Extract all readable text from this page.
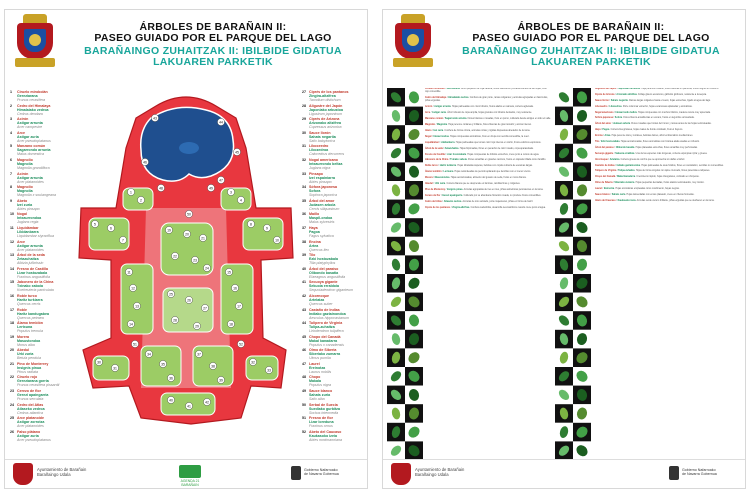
ÁRBOLES DE BARAÑAIN II:
PASEO GUIADO POR EL PARQUE DEL LAGO
BARAÑAINGO ZUHAITZAK II: IBILBIDE GIDATUA
LAKUAREN PARKETIK
1	Ciruelo mirobolán
Gereziarana
Prunus cerasifera
2	Cedro del Himalaya
Himalaiako zedroa
Cedrus deodara
3	Acirón
Astigar arrunta
Acer campestre
4	Arce
Astigar zuria
Acer pseudoplatanus
5	Manzano común
Sagarrondo arrunta
Malus domestica
6	Magnolio
Magnolia
Magnolia grandiflora
7	Acirón
Astigar arrunta
Acer platanoides
8	Magnolio
Magnolia
Magnolia x soulangeana
9	Abeto
Izei zuria
Abies pinsapo
10 Nogal
Intxaurrondoa
Juglans regia
11 Liquidámbar
Likidanbarra
Liquidambar styraciflua
12 Arce
Astigar arrunta
Acer platanoides
13 Árbol de la seda
Zetazuhaitza
Albizia julibrissin
14 Fresno de Castilla
Lizar hostozabala
Fraxinus angustifolia
15 Jabonero de la China
Txinako xaboia
Koelreuteria paniculata
16 Roble turco
Haritz turkiarra
Quercus cerris
17 Roble
Haritz kandugabea
Quercus petraea
18 Álamo temblón
Lertxuna
Populus tremula
19 Morera
Masustondoa
Morus alba
20 Abedul
Urki zuria
Betula pendula
21 Pino de Monterrey
Insignis pinua
Pinus radiata
22 Ciruelo rojo
Gereziarana gorria
Prunus cerasifera pissardii
23 Cerezo de flor
Gerezi apaingarria
Prunus serrulata
24 Cedro del Atlas
Atlaseko zedroa
Cedrus atlantica
25 Arce platanoide
Astigar zorrotza
Acer platanoides
26 Falso plátano
Astigar zuria
Acer pseudoplatanus
27 Ciprés de los pantanos
Zingira-altzifrea
Taxodium distichum
28 Aligustre del Japón
Japoniako arbustoa
Ligustrum japonicum
29 Ciprés de Arizona
Arizonako altzifrea
Cupressus arizonica
30 Sauce llorón
Sahats negartia
Salix babylonica
31 Liboceedro
Libozedroa
Calocedrus decurrens
32 Nogal americano
Intxaurrondo beltza
Juglans nigra
33 Pinsapo
Izei espainiarra
Abies pinsapo
34 Sófora japonesa
Sofora
Sophora japonica
35 Árbol del amor
Judasen arbola
Cercis siliquastrum
36 Maíllo
Maspil-ondoa
Malus sylvestris
37 Haya
Pagoa
Fagus sylvatica
38 Encina
Artea
Quercus ilex
39 Tilo
Ezki hostozabala
Tilia platyphyllos
40 Árbol del paraíso
Olibondo basatia
Elaeagnus angustifolia
41 Secuoya gigante
Sekuoia erraldoia
Sequoiadendron giganteum
42 Alcornoque
Artelatza
Quercus suber
43 Castaño de Indias
Indiako gaztainondoa
Aesculus hippocastanum
44 Tulipero de Virginia
Tulipa-zuhaitza
Liriodendron tulipifera
45 Chopo del Canadá
Makal kanadarra
Populus x canadensis
46 Olmo de Siberia
Siberiako zumarra
Ulmus pumila
47 Laurel
Ereinotza
Laurus nobilis
48 Chopo
Makala
Populus nigra
49 Sauce blanco
Sahats zuria
Salix alba
50 Serbal de Suecia
Suediako gurbitza
Sorbus intermedia
51 Fresno de flor
Lizar loreduna
Fraxinus ornus
52 Abeto del Caucaso
Kaukasoko izeia
Abies nordmanniana
1
2
3
4
5
6
7
8
9
10
11
12
13
14
15
16
17
18
19
20
21
22
23
24
25
26
27
28
29
30
31
32
33
34
35
36
37
38
39
40
41
42
43
44
45
46
47
48	49
50
51	52
Ayuntamiento de Barañain
Barañaingo Udala
AGENDA 21 BARAÑAIN
Gobierno Nafarroako
de Navarra Gobernua
ÁRBOLES DE BARAÑAIN II:
PASEO GUIADO POR EL PARQUE DEL LAGO
BARAÑAINGO ZUHAITZAK II: IBILBIDE GIDATUA
LAKUAREN PARKETIK
Ciruelo mirobolán / Gereziarana. Árbol pequeño de hoja caduca, flores blancas en primavera antes de las hojas, fruto rojo comestible.
Cedro del Himalaya / Himalaiako zedroa. Conífera de gran porte, ramas colgantes y acículas agrupadas en fascículos, piñas erguidas.
Acirón / Astigar arrunta. Hojas palmeadas con cinco lóbulos, frutos alados en sámara, corteza agrietada.
Arce / Astigar zuria. Árbol robusto de copa amplia, hojas grandes con lóbulos dentados, muy resistente.
Manzano común / Sagarrondo arrunta. Flores blancas o rosadas, fruto en pomo, cultivado desde antiguo en todo el valle.
Magnolio / Magnolia. Hoja perenne coriácea y brillante, flores blancas de gran tamaño y aroma intenso.
Abeto / Izei zuria. Conífera de forma cónica, acículas cortas y rígidas dispuestas alrededor de la rama.
Nogal / Intxaurrondoa. Hojas compuestas aromáticas, fruto en drupa con semilla comestible, la nuez.
Liquidámbar / Likidanbarra. Hojas palmeadas que toman color rojo intenso en otoño, frutos esféricos espinosos.
Árbol de la seda / Zetazuhaitza. Hojas bipinnadas, flores en penacho de color rosado, copa aparasolada.
Fresno de Castilla / Lizar hostozabala. Hojas compuestas de foliolos estrechos, crece junto a cursos de agua.
Jabonero de la China / Txinako xaboia. Flores amarillas en grandes racimos, frutos en cápsula inflada como farolillo.
Roble turco / Haritz turkiarra. Hojas lobuladas ásperas, bellotas con cúpula cubierta de escamas largas.
Álamo temblón / Lertxuna. Hojas redondeadas de pecíolo aplanado que tiemblan con el menor viento.
Morera / Masustondoa. Hojas acorazonadas, alimento del gusano de seda, frutos en mora blanca.
Abedul / Urki zuria. Corteza blanca que se desprende en láminas, ramillas finas y colgantes.
Pino de Monterrey / Insignis pinua. Acículas agrupadas de tres en tres, piñas asimétricas persistentes en la rama.
Cerezo de flor / Gerezi apaingarria. Cultivado por su abundante floración rosada, no produce frutos comestibles.
Cedro del Atlas / Atlaseko zedroa. Acículas de tono azulado, porte majestuoso, piñas en forma de barril.
Ciprés de los pantanos / Zingira-altzifrea. Conífera caducifolia, desarrolla neumatóforos cuando crece junto al agua.
Aligustre del Japón / Japoniako arbustoa. Hoja perenne brillante, flores blancas en panícula, frutos negros en invierno.
Ciprés de Arizona / Arizonako altzifrea. Follaje glauco escamoso, gálbulos globosos, resistente a la sequía.
Sauce llorón / Sahats negartia. Ramas largas colgantes hasta el suelo, hojas estrechas, ligado al agua del lago.
Liboceedro / Libozedroa. Porte columnar estrecho, hojas escamosas aplanadas y aromáticas.
Nogal americano / Intxaurrondo beltza. Hojas compuestas con muchos foliolos, madera oscura muy apreciada.
Sófora japonesa / Sofora. Flores blanco-amarillentas en verano, frutos en legumbre arrosariada.
Árbol del amor / Judasen arbola. Flores rosadas que brotan del tronco y ramas antes de las hojas redondeadas.
Haya / Pagoa. Corteza lisa grisácea, hojas ovales de borde ondulado, fruto el hayuco.
Encina / Artea. Hoja perenne dura y coriácea, bellotas dulces, árbol emblemático mediterráneo.
Tilo / Ezki hostozabala. Hojas acorazonadas, flores aromáticas con bráctea alada usadas en infusión.
Árbol del paraíso / Olibondo basatia. Hojas plateadas estrechas, flores amarillas muy perfumadas.
Secuoya gigante / Sekuoia erraldoia. Una de las especies más longevas, corteza esponjosa rojiza y gruesa.
Alcornoque / Artelatza. Corteza gruesa de corcho que se aprovecha sin dañar el árbol.
Castaño de Indias / Indiako gaztainondoa. Hojas palmeadas de siete foliolos, flores en candelabro, semillas no comestibles.
Tulipero de Virginia / Tulipa-zuhaitza. Hojas de forma singular con ápice truncado, flores parecidas a tulipanes.
Chopo del Canadá / Makal kanadarra. Crecimiento rápido, hojas triangulares, cultivado en choperas.
Olmo de Siberia / Siberiako zumarra. Hojas pequeñas dentadas, frutos alados redondeados, muy rústico.
Laurel / Ereinotza. Hojas aromáticas empleadas como condimento, bayas negras.
Sauce blanco / Sahats zuria. Hojas lanceoladas con envés plateado, crece en riberas húmedas.
Abeto del Caucaso / Kaukasoko izeia. Acículas verde oscuro brillante, piñas erguidas que se deshacen en la rama.
Ayuntamiento de Barañain
Barañaingo Udala
Gobierno Nafarroako
de Navarra Gobernua
